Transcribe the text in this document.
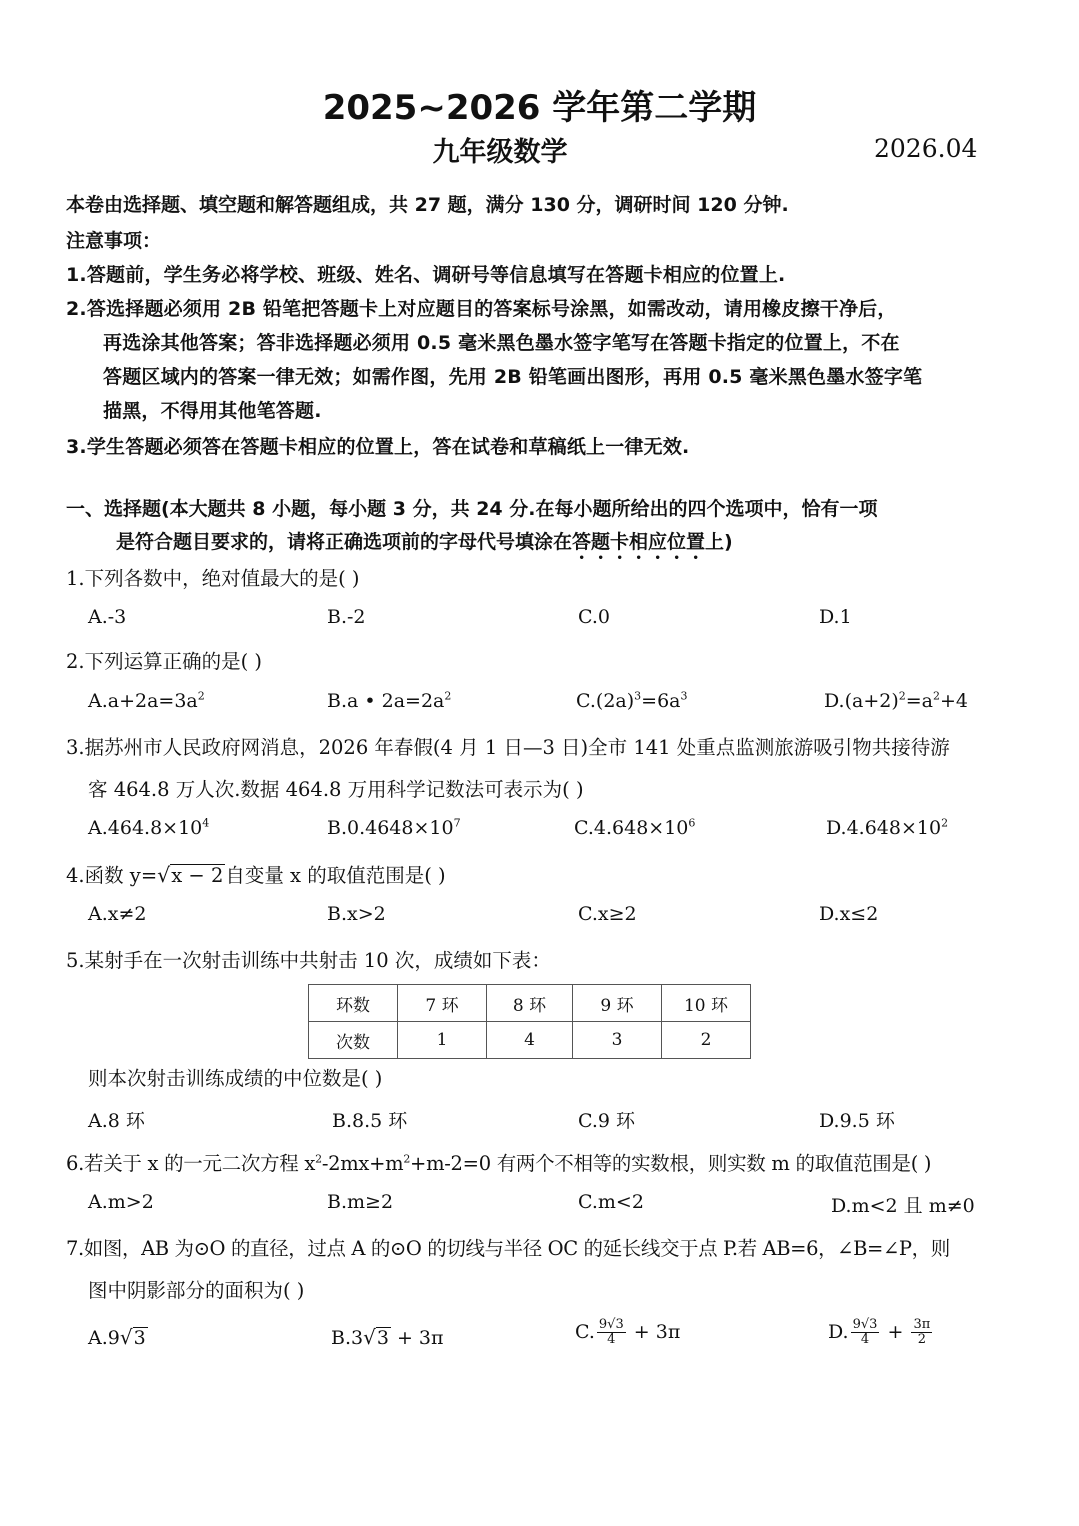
2025~2026 学年第二学期
九年级数学	2026.04
本卷由选择题、填空题和解答题组成，共 27 题，满分 130 分，调研时间 120 分钟.
注意事项：
1.答题前，学生务必将学校、班级、姓名、调研号等信息填写在答题卡相应的位置上.
2.答选择题必须用 2B 铅笔把答题卡上对应题目的答案标号涂黑，如需改动，请用橡皮擦干净后，
再选涂其他答案；答非选择题必须用 0.5 毫米黑色墨水签字笔写在答题卡指定的位置上，不在
答题区域内的答案一律无效；如需作图，先用 2B 铅笔画出图形，再用 0.5 毫米黑色墨水签字笔
描黑，不得用其他笔答题.
3.学生答题必须答在答题卡相应的位置上，答在试卷和草稿纸上一律无效.
一、选择题(本大题共 8 小题，每小题 3 分，共 24 分.在每小题所给出的四个选项中，恰有一项
是符合题目要求的，请将正确选项前的字母代号填涂在答题卡相应位置上)
1.下列各数中，绝对值最大的是( )
A.-3	B.-2	C.0	D.1
2.下列运算正确的是( )
$A.a+2a=3a^2$	B.a • $2a=2a^2$	$C.(2a)^3=6a^3$	$D.(a+2)^2=a^2+4$
3.据苏州市人民政府网消息，2026 年春假(4 月 1 日—3 日)全市 141 处重点监测旅游吸引物共接待游
客 464.8 万人次.数据 464.8 万用科学记数法可表示为( )
$A.464.8\times 10^4$	$B.0.4648\times 10^7$	$C.4.648\times 10^6$	$D.4.648\times 10^2$
4.函数 y=√x − 2 自变量 x 的取值范围是( )
A.x≠2	B.x>2	C.x≥2	D.x≤2
5.某射手在一次射击训练中共射击 10 次，成绩如下表：
环数	7 环	8 环	9 环	10 环
次数	1	4	3	2
则本次射击训练成绩的中位数是( )
A.8 环	B.8.5 环	C.9 环	D.9.5 环
6.若关于 x 的一元二次方程 $x^2-2mx+m^2+m-2=0$ 有两个不相等的实数根，则实数 m 的取值范围是( )
A.m>2	B.m≥2	C.m<2	D.m<2 且 m≠0
7.如图，AB 为⊙O 的直径，过点 A 的⊙O 的切线与半径 OC 的延长线交于点 P.若 AB=6，∠B=∠P，则
图中阴影部分的面积为( )
A.9√3	B.3√3 + 3π	C. $\frac{9√3}{4} + 3\pi$	D. $\frac{9√3}{4} + \frac{3\pi}{2}$
